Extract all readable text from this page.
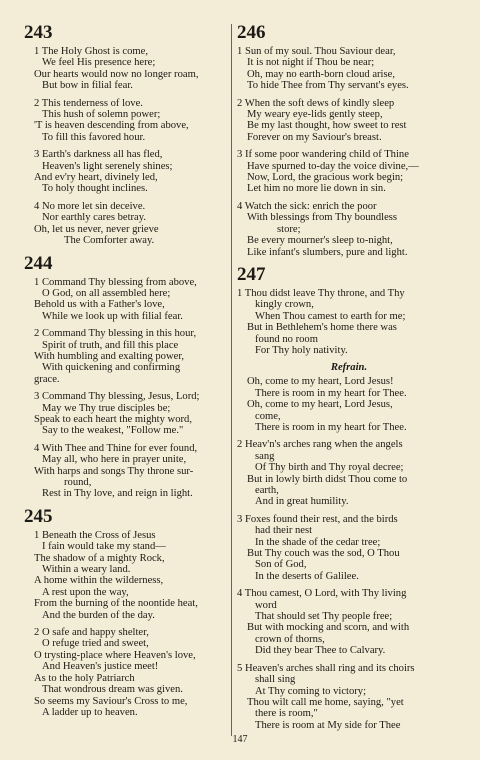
243
1 The Holy Ghost is come,
We feel His presence here;
Our hearts would now no longer roam,
But bow in filial fear.
2 This tenderness of love.
This hush of solemn power;
'T is heaven descending from above,
To fill this favored hour.
3 Earth's darkness all has fled,
Heaven's light serenely shines;
And ev'ry heart, divinely led,
To holy thought inclines.
4 No more let sin deceive.
Nor earthly cares betray.
Oh, let us never, never grieve
The Comforter away.
244
1 Command Thy blessing from above,
O God, on all assembled here;
Behold us with a Father's love,
While we look up with filial fear.
2 Command Thy blessing in this hour,
Spirit of truth, and fill this place
With humbling and exalting power,
With quickening and confirming
grace.
3 Command Thy blessing, Jesus, Lord;
May we Thy true disciples be;
Speak to each heart the mighty word,
Say to the weakest, "Follow me."
4 With Thee and Thine for ever found,
May all, who here in prayer unite,
With harps and songs Thy throne sur-
round,
Rest in Thy love, and reign in light.
245
1 Beneath the Cross of Jesus
I fain would take my stand—
The shadow of a mighty Rock,
Within a weary land.
A home within the wilderness,
A rest upon the way,
From the burning of the noontide heat,
And the burden of the day.
2 O safe and happy shelter,
O refuge tried and sweet,
O trysting-place where Heaven's love,
And Heaven's justice meet!
As to the holy Patriarch
That wondrous dream was given.
So seems my Saviour's Cross to me,
A ladder up to heaven.
246
1 Sun of my soul. Thou Saviour dear,
It is not night if Thou be near;
Oh, may no earth-born cloud arise,
To hide Thee from Thy servant's eyes.
2 When the soft dews of kindly sleep
My weary eye-lids gently steep,
Be my last thought, how sweet to rest
Forever on my Saviour's breast.
3 If some poor wandering child of Thine
Have spurned to-day the voice divine,—
Now, Lord, the gracious work begin;
Let him no more lie down in sin.
4 Watch the sick: enrich the poor
With blessings from Thy boundless
store;
Be every mourner's sleep to-night,
Like infant's slumbers, pure and light.
247
1 Thou didst leave Thy throne, and Thy
kingly crown,
When Thou camest to earth for me;
But in Bethlehem's home there was
found no room
For Thy holy nativity.
Refrain.
Oh, come to my heart, Lord Jesus!
There is room in my heart for Thee.
Oh, come to my heart, Lord Jesus,
come,
There is room in my heart for Thee.
2 Heav'n's arches rang when the angels
sang
Of Thy birth and Thy royal decree;
But in lowly birth didst Thou come to
earth,
And in great humility.
3 Foxes found their rest, and the birds
had their nest
In the shade of the cedar tree;
But Thy couch was the sod, O Thou
Son of God,
In the deserts of Galilee.
4 Thou camest, O Lord, with Thy living
word
That should set Thy people free;
But with mocking and scorn, and with
crown of thorns,
Did they bear Thee to Calvary.
5 Heaven's arches shall ring and its choirs
shall sing
At Thy coming to victory;
Thou wilt call me home, saying, "yet
there is room,"
There is room at My side for Thee
147
